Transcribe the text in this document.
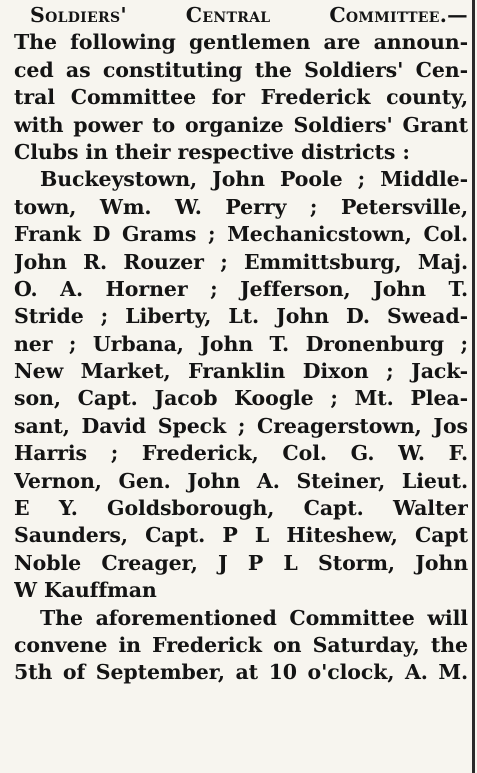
Soldiers' Central Committee.—
The following gentlemen are announ-
ced as constituting the Soldiers' Cen-
tral Committee for Frederick county,
with power to organize Soldiers' Grant
Clubs in their respective districts :
Buckeystown, John Poole ; Middle-
town, Wm. W. Perry ; Petersville,
Frank D Grams ; Mechanicstown, Col.
John R. Rouzer ; Emmittsburg, Maj.
O. A. Horner ; Jefferson, John T.
Stride ; Liberty, Lt. John D. Swead-
ner ; Urbana, John T. Dronenburg ;
New Market, Franklin Dixon ; Jack-
son, Capt. Jacob Koogle ; Mt. Plea-
sant, David Speck ; Creagerstown, Jos
Harris ; Frederick, Col. G. W. F.
Vernon, Gen. John A. Steiner, Lieut.
E Y. Goldsborough, Capt. Walter
Saunders, Capt. P L Hiteshew, Capt
Noble Creager, J P L Storm, John
W Kauffman
The aforementioned Committee will
convene in Frederick on Saturday, the
5th of September, at 10 o'clock, A. M.
